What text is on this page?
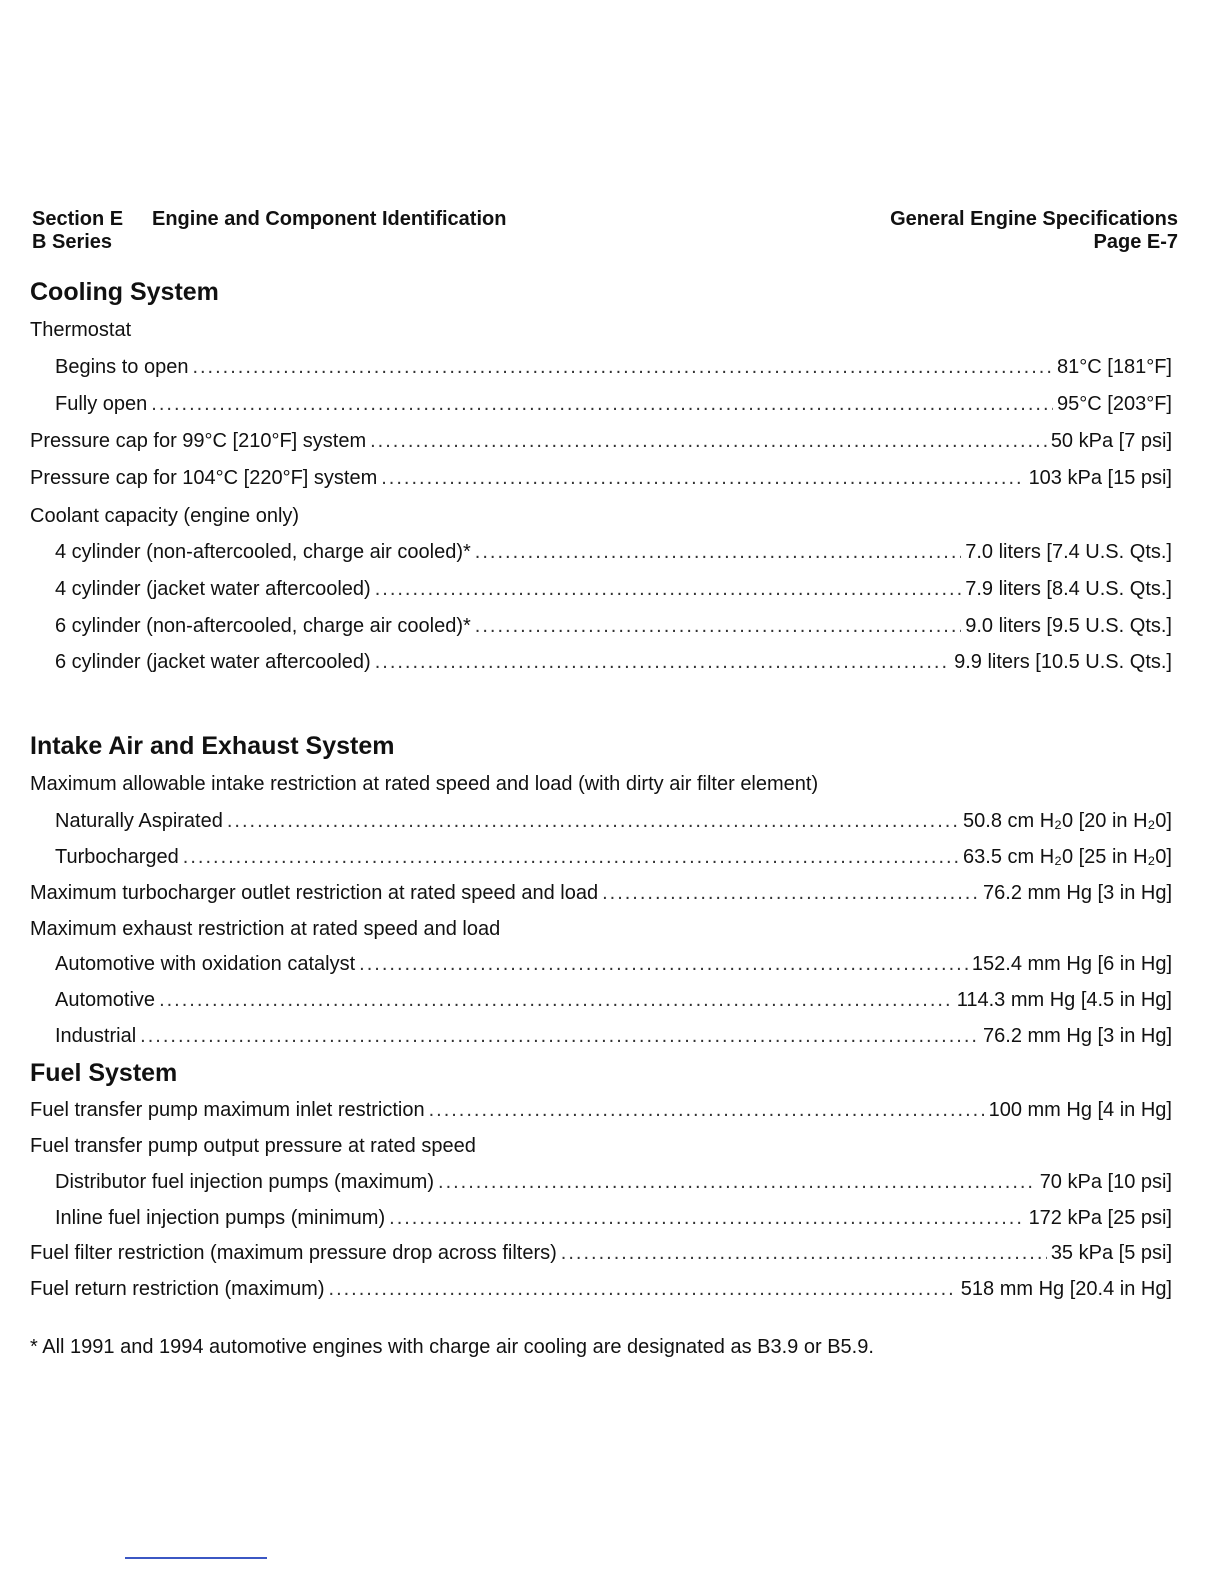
Section E Engine and Component Identification
B Series
General Engine Specifications
Page E-7
Cooling System
Thermostat
Begins to open .....	81°C [181°F]
Fully open .....	95°C [203°F]
Pressure cap for 99°C [210°F] system .....	50 kPa [7 psi]
Pressure cap for 104°C [220°F] system .....	103 kPa [15 psi]
Coolant capacity (engine only)
4 cylinder (non-aftercooled, charge air cooled)* .....	7.0 liters [7.4 U.S. Qts.]
4 cylinder (jacket water aftercooled) .....	7.9 liters [8.4 U.S. Qts.]
6 cylinder (non-aftercooled, charge air cooled)* .....	9.0 liters [9.5 U.S. Qts.]
6 cylinder (jacket water aftercooled) .....	9.9 liters [10.5 U.S. Qts.]
Intake Air and Exhaust System
Maximum allowable intake restriction at rated speed and load (with dirty air filter element)
Naturally Aspirated .....	50.8 cm H₂0 [20 in H₂0]
Turbocharged .....	63.5 cm H₂0 [25 in H₂0]
Maximum turbocharger outlet restriction at rated speed and load .....	76.2 mm Hg [3 in Hg]
Maximum exhaust restriction at rated speed and load
Automotive with oxidation catalyst .....	152.4 mm Hg [6 in Hg]
Automotive .....	114.3 mm Hg [4.5 in Hg]
Industrial .....	76.2 mm Hg [3 in Hg]
Fuel System
Fuel transfer pump maximum inlet restriction .....	100 mm Hg [4 in Hg]
Fuel transfer pump output pressure at rated speed
Distributor fuel injection pumps (maximum) .....	70 kPa [10 psi]
Inline fuel injection pumps (minimum) .....	172 kPa [25 psi]
Fuel filter restriction (maximum pressure drop across filters) .....	35 kPa [5 psi]
Fuel return restriction (maximum) .....	518 mm Hg [20.4 in Hg]
* All 1991 and 1994 automotive engines with charge air cooling are designated as B3.9 or B5.9.
